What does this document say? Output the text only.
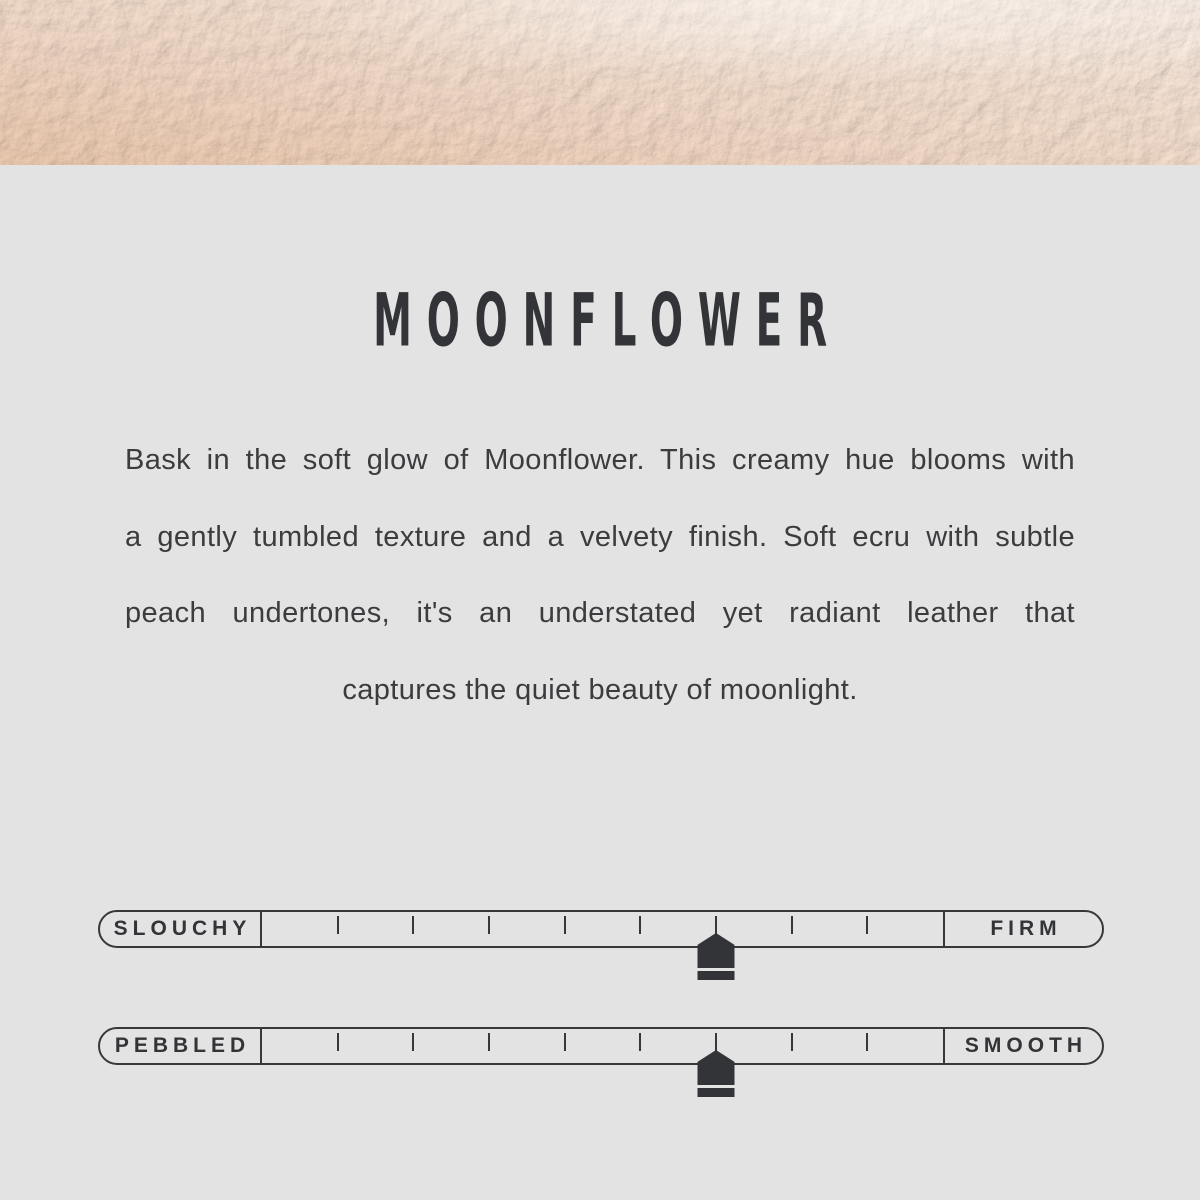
MOONFLOWER
Bask in the soft glow of Moonflower. This creamy hue blooms with
a gently tumbled texture and a velvety finish. Soft ecru with subtle
peach undertones, it's an understated yet radiant leather that
captures the quiet beauty of moonlight.
SLOUCHY	FIRM
PEBBLED	SMOOTH
